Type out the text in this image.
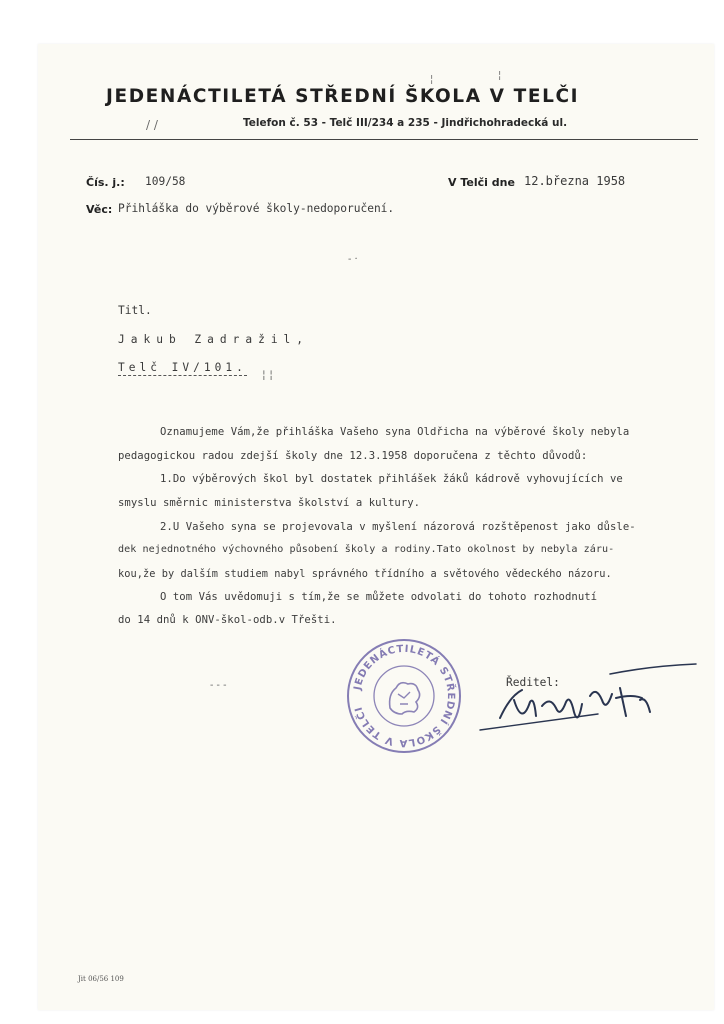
JEDENÁCTILETÁ STŘEDNÍ ŠKOLA V TELČI
Telefon č. 53 - Telč III/234 a 235 - Jindřichohradecká ul.
/ /
¦	¦
- ·
¦ ¦
- - -
Čís. j.: 109/58	V Telči dne 12.března 1958
Věc: Přihláška do výběrové školy-nedoporučení.
Titl.
Jakub Zadražil,
Telč IV/101.
Oznamujeme Vám,že přihláška Vašeho syna Oldřicha na výběrové školy nebyla
pedagogickou radou zdejší školy dne 12.3.1958 doporučena z těchto důvodů:
1.Do výběrových škol byl dostatek přihlášek žáků kádrově vyhovujících ve
smyslu směrnic ministerstva školství a kultury.
2.U Vašeho syna se projevovala v myšlení názorová rozštěpenost jako důsle-
dek nejednotného výchovného působení školy a rodiny.Tato okolnost by nebyla záru-
kou,že by dalším studiem nabyl správného třídního a světového vědeckého názoru.
O tom Vás uvědomuji s tím,že se můžete odvolati do tohoto rozhodnutí
do 14 dnů k ONV-škol-odb.v Třešti.
Ředitel:
JEDENÁCTILETÁ STŘEDNÍ ŠKOLA V TELČI
Jit 06/56 109
